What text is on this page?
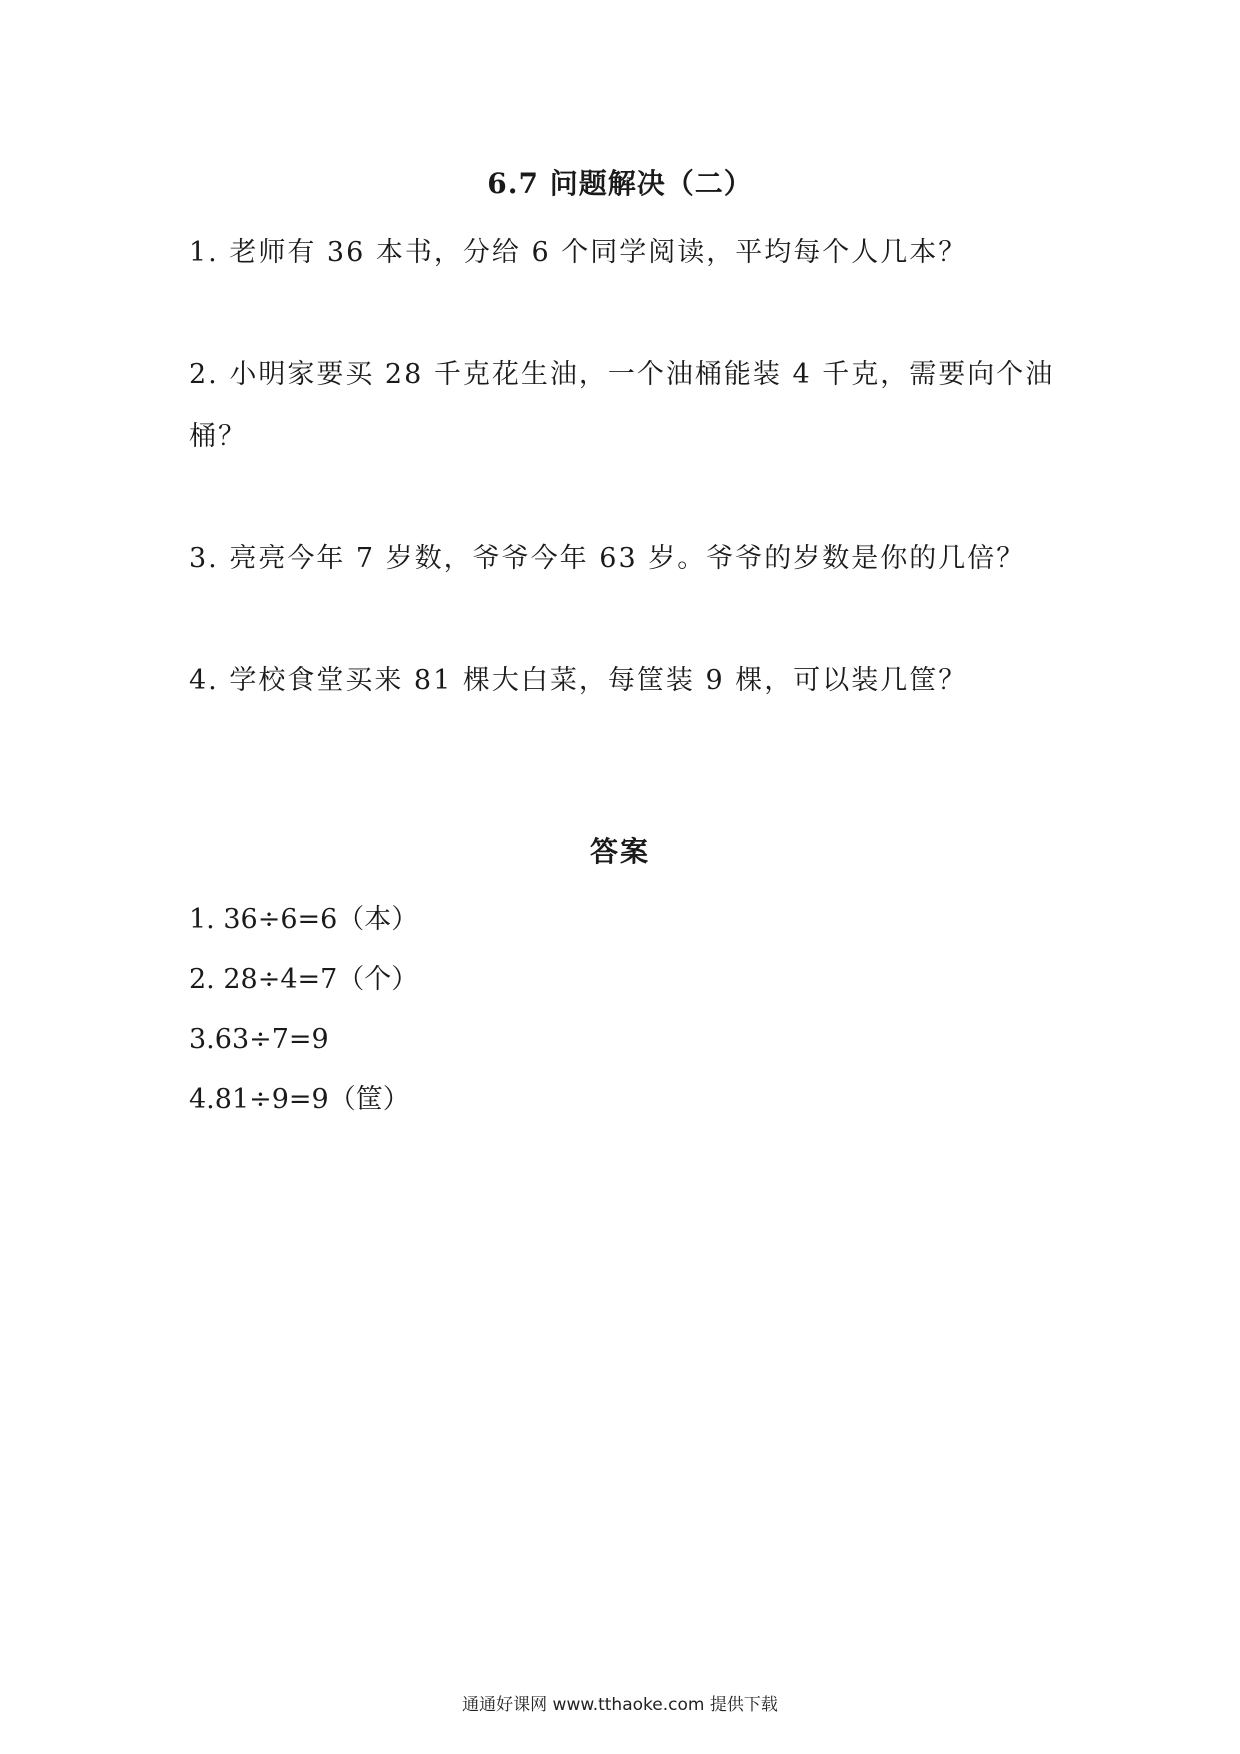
6.7 问题解决（二）

1. 老师有 36 本书，分给 6 个同学阅读，平均每个人几本？

2. 小明家要买 28 千克花生油，一个油桶能装 4 千克，需要向个油桶？

3. 亮亮今年 7 岁数，爷爷今年 63 岁。爷爷的岁数是你的几倍？

4. 学校食堂买来 81 棵大白菜，每筐装 9 棵，可以装几筐？

答案
1. 36÷6=6（本）
2. 28÷4=7（个）
3.63÷7=9
4.81÷9=9（筐）
通通好课网 www.tthaoke.com 提供下载
